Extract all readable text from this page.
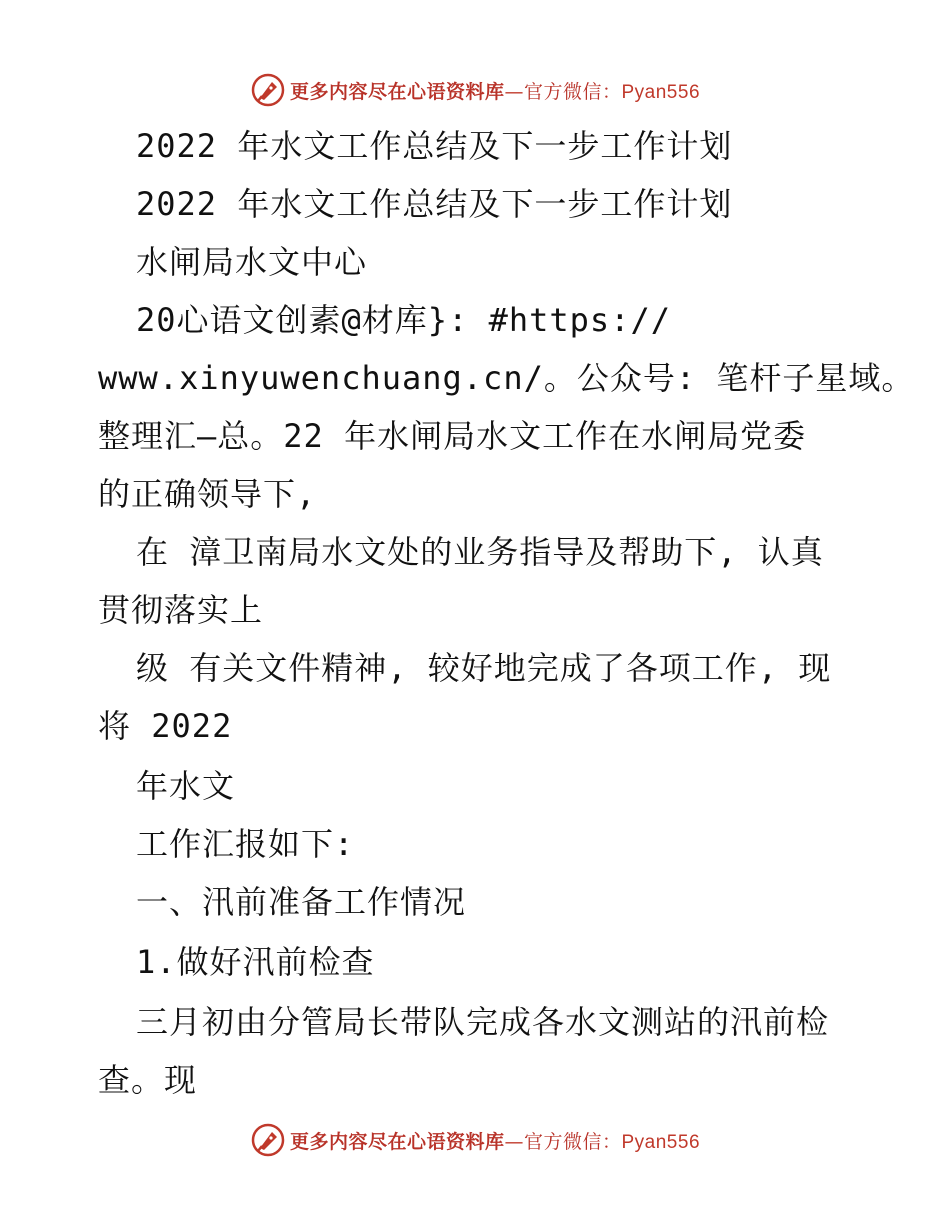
更多内容尽在心语资料库—官方微信：Pyan556
2022 年水文工作总结及下一步工作计划
2022 年水文工作总结及下一步工作计划
水闸局水文中心
20心语文创素@材库}: #https://
www.xinyuwenchuang.cn/。公众号: 笔杆子星域。
整理汇—总。22 年水闸局水文工作在水闸局党委
的正确领导下,
在 漳卫南局水文处的业务指导及帮助下, 认真
贯彻落实上
级 有关文件精神, 较好地完成了各项工作, 现
将 2022
年水文
工作汇报如下:
一、汛前准备工作情况
1.做好汛前检查
三月初由分管局长带队完成各水文测站的汛前检
查。现
更多内容尽在心语资料库—官方微信：Pyan556
